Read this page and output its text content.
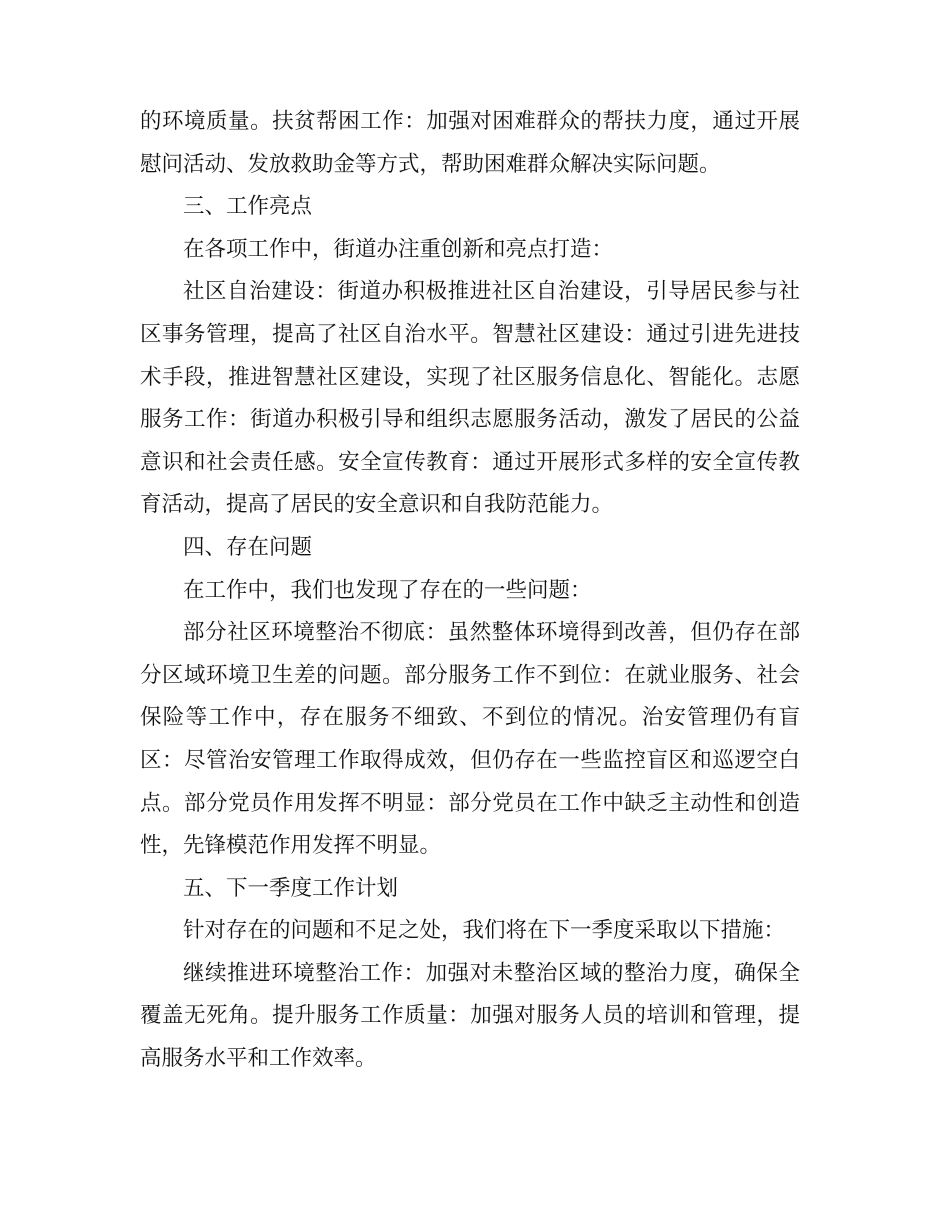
的环境质量。扶贫帮困工作：加强对困难群众的帮扶力度，通过开展慰问活动、发放救助金等方式，帮助困难群众解决实际问题。

三、工作亮点

在各项工作中，街道办注重创新和亮点打造：

社区自治建设：街道办积极推进社区自治建设，引导居民参与社区事务管理，提高了社区自治水平。智慧社区建设：通过引进先进技术手段，推进智慧社区建设，实现了社区服务信息化、智能化。志愿服务工作：街道办积极引导和组织志愿服务活动，激发了居民的公益意识和社会责任感。安全宣传教育：通过开展形式多样的安全宣传教育活动，提高了居民的安全意识和自我防范能力。

四、存在问题

在工作中，我们也发现了存在的一些问题：

部分社区环境整治不彻底：虽然整体环境得到改善，但仍存在部分区域环境卫生差的问题。部分服务工作不到位：在就业服务、社会保险等工作中，存在服务不细致、不到位的情况。治安管理仍有盲区：尽管治安管理工作取得成效，但仍存在一些监控盲区和巡逻空白点。部分党员作用发挥不明显：部分党员在工作中缺乏主动性和创造性，先锋模范作用发挥不明显。

五、下一季度工作计划

针对存在的问题和不足之处，我们将在下一季度采取以下措施：

继续推进环境整治工作：加强对未整治区域的整治力度，确保全覆盖无死角。提升服务工作质量：加强对服务人员的培训和管理，提高服务水平和工作效率。
